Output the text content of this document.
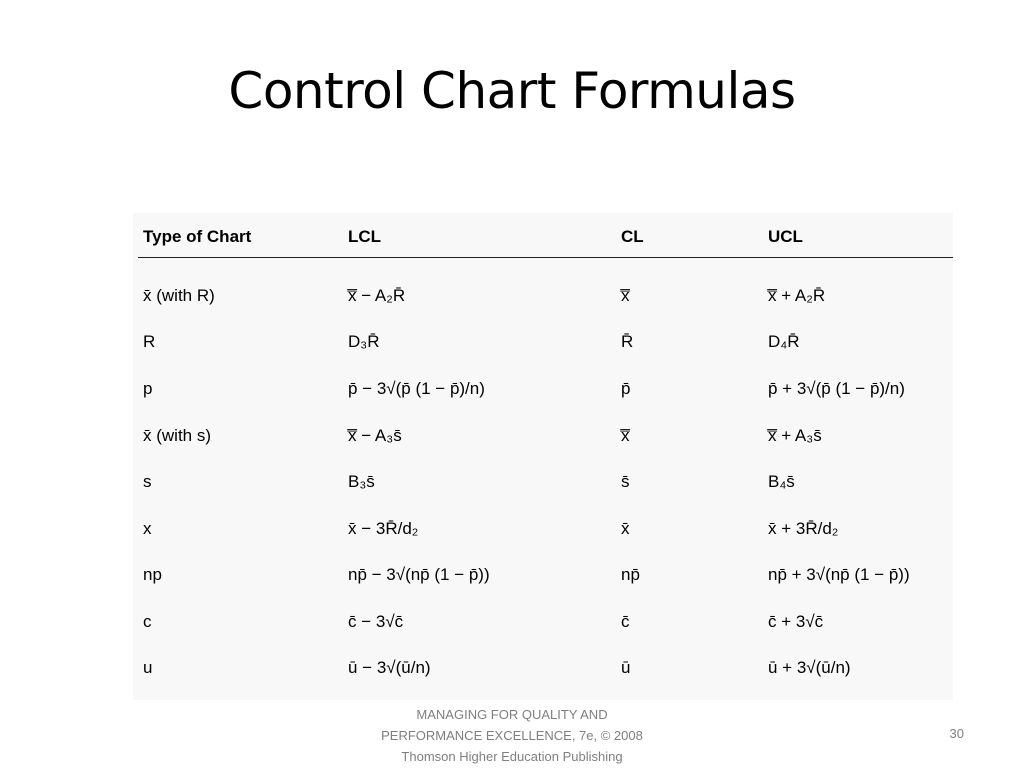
Control Chart Formulas
Type of Chart	LCL	CL	UCL
x̄ (with R)	x̿ − A₂R̄	x̿	x̿ + A₂R̄
R	D₃R̄	R̄	D₄R̄
p	p̄ − 3√(p̄ (1 − p̄)/n)	p̄	p̄ + 3√(p̄ (1 − p̄)/n)
x̄ (with s)	x̿ − A₃s̄	x̿	x̿ + A₃s̄
s	B₃s̄	s̄	B₄s̄
x	x̄ − 3R̄/d₂	x̄	x̄ + 3R̄/d₂
np	np̄ − 3√(np̄ (1 − p̄))	np̄	np̄ + 3√(np̄ (1 − p̄))
c	c̄ − 3√c̄	c̄	c̄ + 3√c̄
u	ū − 3√(ū/n)	ū	ū + 3√(ū/n)
MANAGING FOR QUALITY AND
PERFORMANCE EXCELLENCE, 7e, © 2008
Thomson Higher Education Publishing
30
